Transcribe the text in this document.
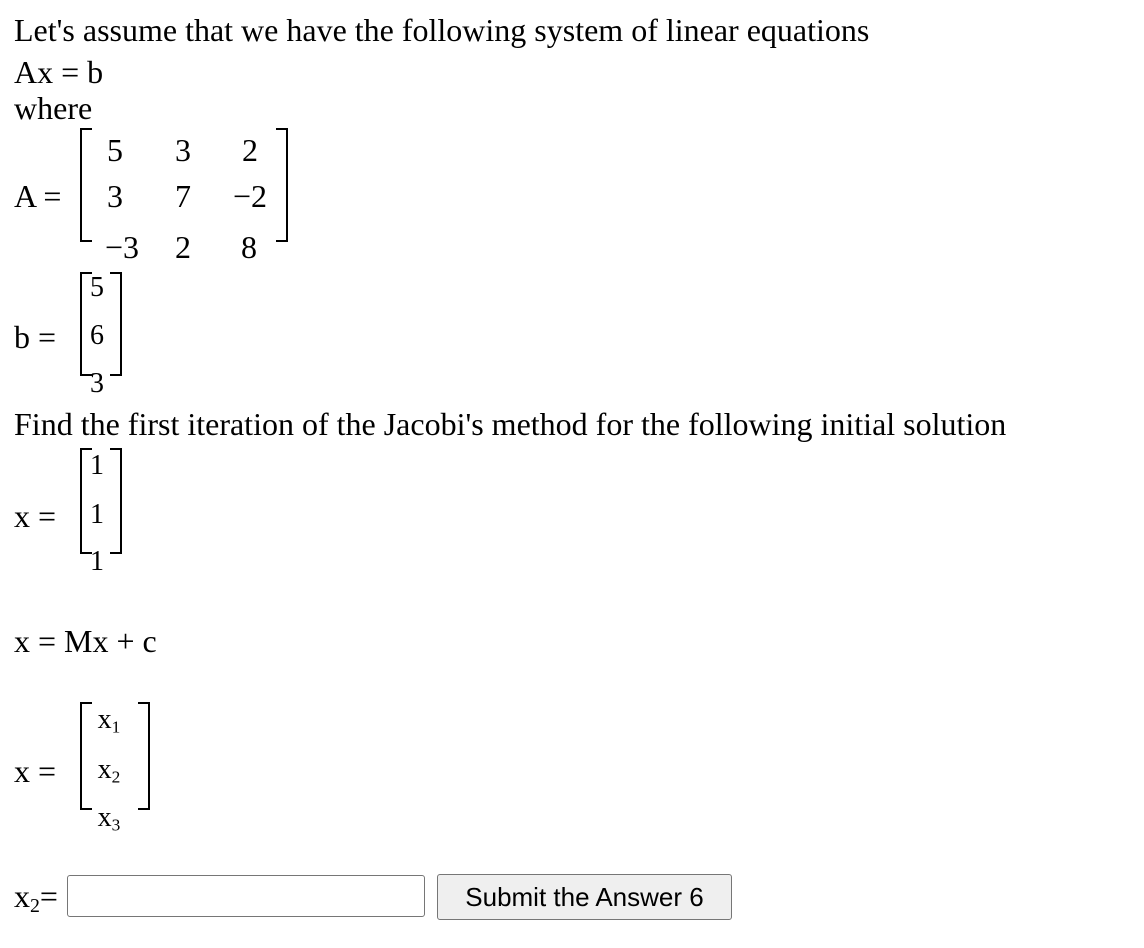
Let's assume that we have the following system of linear equations
Ax = b
where
A =
5	3	2
3	7	−2
−3	2	8
b =
5
6
3
Find the first iteration of the Jacobi's method for the following initial solution
x =
1
1
1
x = Mx + c
x =
$x_1$
$x_2$
$x_3$
$x_2=$	Submit the Answer 6
